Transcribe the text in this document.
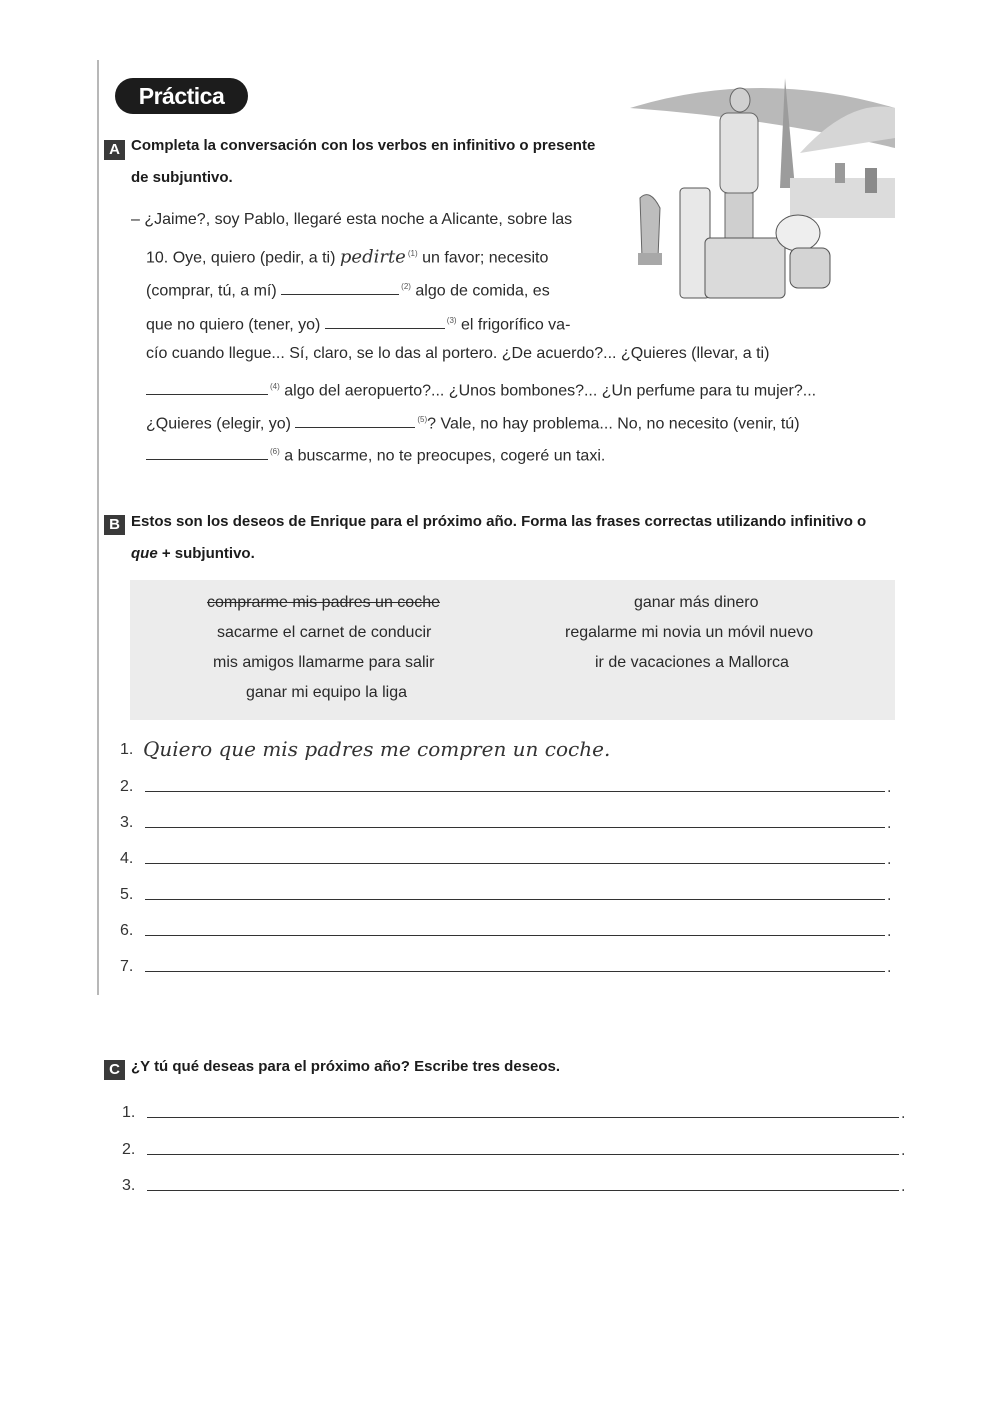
Práctica
A Completa la conversación con los verbos en infinitivo o presente
de subjuntivo.
– ¿Jaime?, soy Pablo, llegaré esta noche a Alicante, sobre las
10. Oye, quiero (pedir, a ti) pedirte $^{(1)}$ un favor; necesito
(comprar, tú, a mí)	$^{(2)}$ algo de comida, es
que no quiero (tener, yo)	$^{(3)}$ el frigorífico va-
cío cuando llegue... Sí, claro, se lo das al portero. ¿De acuerdo?... ¿Quieres (llevar, a ti)
$^{(4)}$ algo del aeropuerto?... ¿Unos bombones?... ¿Un perfume para tu mujer?...
¿Quieres (elegir, yo)	$^{(5)}$? Vale, no hay problema... No, no necesito (venir, tú)
$^{(6)}$ a buscarme, no te preocupes, cogeré un taxi.
B Estos son los deseos de Enrique para el próximo año. Forma las frases correctas utilizando infinitivo o
que + subjuntivo.
comprarme mis padres un coche	ganar más dinero
sacarme el carnet de conducir	regalarme mi novia un móvil nuevo
mis amigos llamarme para salir	ir de vacaciones a Mallorca
ganar mi equipo la liga
1. Quiero que mis padres me compren un coche.
2.	.
3.	.
4.	.
5.	.
6.	.
7.	.
C ¿Y tú qué deseas para el próximo año? Escribe tres deseos.
1.	.
2.	.
3.	.
